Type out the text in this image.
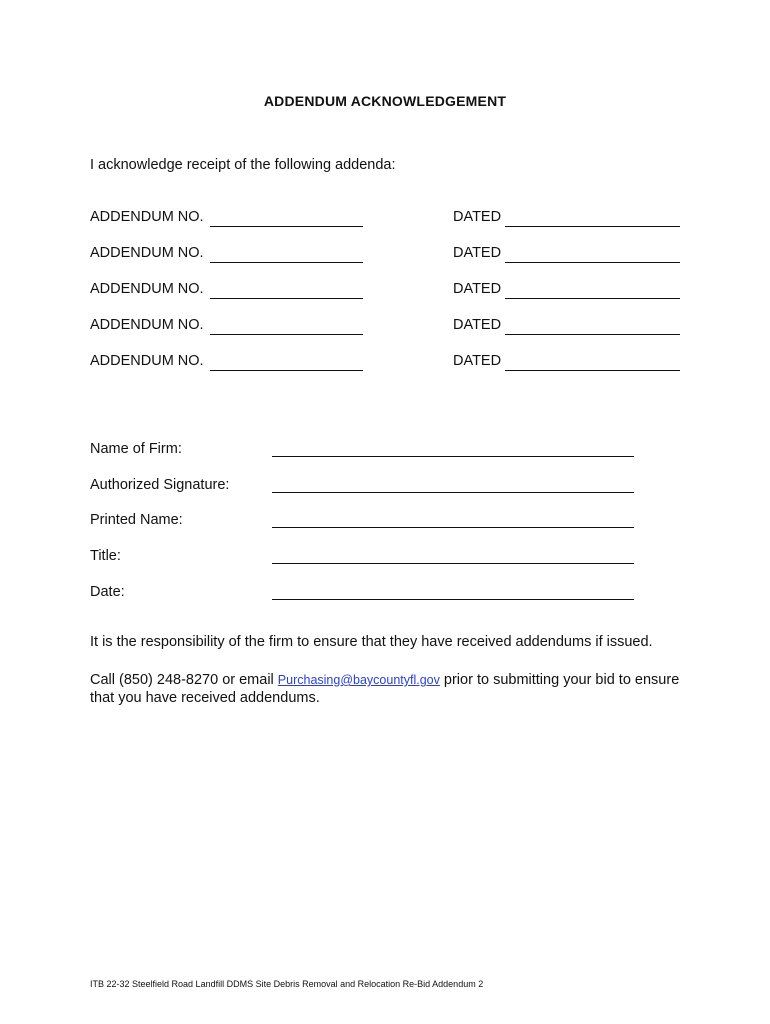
ADDENDUM ACKNOWLEDGEMENT
I acknowledge receipt of the following addenda:
ADDENDUM NO.	DATED
ADDENDUM NO.	DATED
ADDENDUM NO.	DATED
ADDENDUM NO.	DATED
ADDENDUM NO.	DATED
Name of Firm:
Authorized Signature:
Printed Name:
Title:
Date:
It is the responsibility of the firm to ensure that they have received addendums if issued.
Call (850) 248-8270 or email Purchasing@baycountyfl.gov prior to submitting your bid to ensure that you have received addendums.
ITB 22-32 Steelfield Road Landfill DDMS Site Debris Removal and Relocation Re-Bid Addendum 2
